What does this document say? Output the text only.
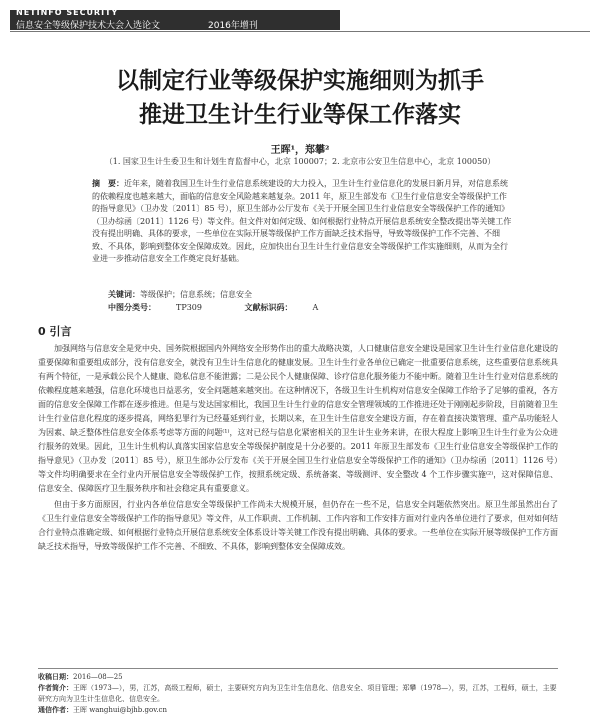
NETINFO SECURITY
信息安全等级保护技术大会入选论文	2016年增刊
以制定行业等级保护实施细则为抓手
推进卫生计生行业等保工作落实
王晖¹，郑攀²
（1. 国家卫生计生委卫生和计划生育监督中心，北京 100007；2. 北京市公安卫生信息中心，北京 100050）
摘　要：近年来，随着我国卫生计生行业信息系统建设的大力投入，卫生计生行业信息化的发展日新月异，对信息系统的依赖程度也越来越大，面临的信息安全风险越来越复杂。2011 年，原卫生部发布《卫生行业信息安全等级保护工作的指导意见》（卫办发〔2011〕85 号），原卫生部办公厅发布《关于开展全国卫生行业信息安全等级保护工作的通知》（卫办综函〔2011〕1126 号）等文件。但文件对如何定级、如何根据行业特点开展信息系统安全整改提出等关键工作没有提出明确、具体的要求，一些单位在实际开展等级保护工作方面缺乏技术指导，导致等级保护工作不完善、不细致、不具体，影响到整体安全保障成效。因此，应加快出台卫生计生行业信息安全等级保护工作实施细则，从而为全行业进一步推动信息安全工作奠定良好基础。
关键词：等级保护；信息系统；信息安全
中图分类号：	TP309	文献标识码：	A
0 引言

加强网络与信息安全是党中央、国务院根据国内外网络安全形势作出的重大战略决策，人口健康信息安全建设是国家卫生计生行业信息化建设的重要保障和重要组成部分，没有信息安全，就没有卫生计生信息化的健康发展。卫生计生行业各单位已确定一批重要信息系统，这些重要信息系统具有两个特征，一是承载公民个人健康、隐私信息不能泄露；二是公民个人健康保障、诊疗信息化服务能力不能中断。随着卫生计生行业对信息系统的依赖程度越来越强，信息化环境也日益恶劣，安全问题越来越突出。在这种情况下，各级卫生计生机构对信息安全保障工作给予了足够的重视，各方面的信息安全保障工作都在逐步推进。但是与发达国家相比，我国卫生计生行业的信息安全管理领域的工作推进还处于刚刚起步阶段，目前随着卫生计生行业信息化程度的逐步提高，网络犯罪行为已经蔓延到行业，长期以来，在卫生计生信息安全建设方面，存在着直接决策管理、重产品功能轻人为因素、缺乏整体性信息安全体系考虑等方面的问题⁽¹⁾，这对已经与信息化紧密相关的卫生计生业务来讲，在很大程度上影响卫生计生行业为公众进行服务的效果。因此，卫生计生机构认真落实国家信息安全等级保护制度是十分必要的。2011 年原卫生部发布《卫生行业信息安全等级保护工作的指导意见》（卫办发〔2011〕85 号），原卫生部办公厅发布《关于开展全国卫生行业信息安全等级保护工作的通知》（卫办综函〔2011〕1126 号）等文件均明确要求在全行业内开展信息安全等级保护工作，按照系统定级、系统备案、等级测评、安全整改 4 个工作步骤实施⁽²⁾，这对保障信息、信息安全、保障医疗卫生服务秩序和社会稳定具有重要意义。

但由于多方面原因，行业内各单位信息安全等级保护工作尚未大规模开展，但仍存在一些不足，信息安全问题依然突出。原卫生部虽然出台了《卫生行业信息安全等级保护工作的指导意见》等文件，从工作职责、工作机制、工作内容和工作安排方面对行业内各单位进行了要求，但对如何结合行业特点准确定级、如何根据行业特点开展信息系统安全体系设计等关键工作没有提出明确、具体的要求。一些单位在实际开展等级保护工作方面缺乏技术指导，导致等级保护工作不完善、不细致、不具体，影响到整体安全保障成效。

收稿日期：2016—08—25
作者简介：王晖（1973—），男，江苏，高级工程师，硕士，主要研究方向为卫生计生信息化、信息安全、项目管理；郑攀（1978—），男，江苏，工程师，硕士，主要研究方向为卫生计生信息化、信息安全。
通信作者：王晖 wanghui@bjhb.gov.cn
